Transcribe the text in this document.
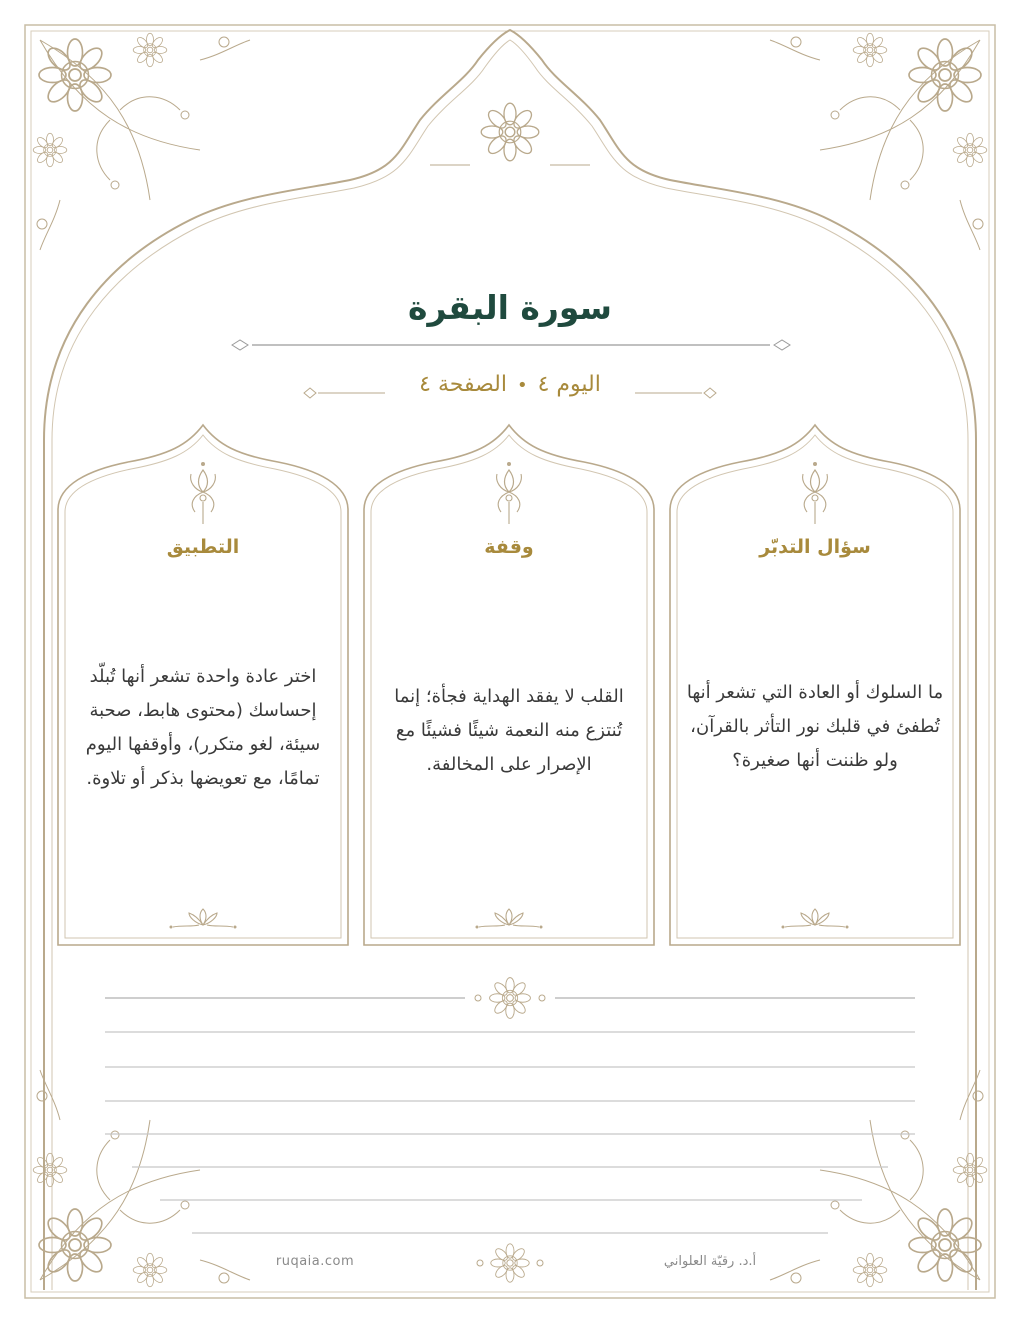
سورة البقرة
اليوم ٤•الصفحة ٤
سؤال التدبّر
ما السلوك أو العادة التي تشعر أنها تُطفئ في قلبك نور التأثر بالقرآن، ولو ظننت أنها صغيرة؟
وقفة
القلب لا يفقد الهداية فجأة؛ إنما تُنتزع منه النعمة شيئًا فشيئًا مع الإصرار على المخالفة.
التطبيق
اختر عادة واحدة تشعر أنها تُبلّد إحساسك (محتوى هابط، صحبة سيئة، لغو متكرر)، وأوقفها اليوم تمامًا، مع تعويضها بذكر أو تلاوة.
أ.د. رقيّة العلواني
ruqaia.com
